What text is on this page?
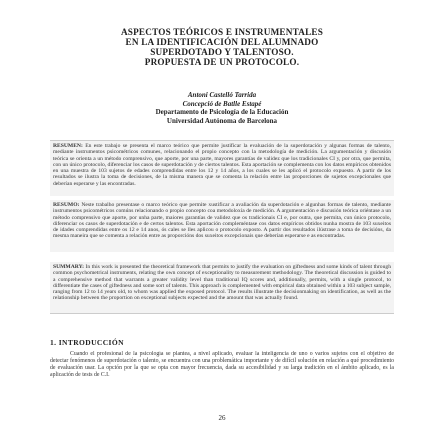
ASPECTOS TEÓRICOS E INSTRUMENTALES
EN LA IDENTIFICACIÓN DEL ALUMNADO
SUPERDOTADO Y TALENTOSO.
PROPUESTA DE UN PROTOCOLO.
Antoni Castelló Tarrida
Concepció de Batlle Estapé
Departamento de Psicología de la Educación
Universidad Autónoma de Barcelona
RESUMEN: En este trabajo se presenta el marco teórico que permite justificar la evaluación de la superdotación y algunas formas de talento, mediante instrumentos psicométricos comunes, relacionando el propio concepto con la metodología de medición. La argumentación y discusión teórica se orienta a un método comprensivo, que aporte, por una parte, mayores garantías de validez que los tradicionales CI y, por otra, que permita, con un único protocolo, diferenciar los casos de superdotación y de ciertos talentos. Esta aportación se complementa con los datos empíricos obtenidos en una muestra de 103 sujetos de edades comprendidas entre los 12 y 14 años, a los cuales se les aplicó el protocolo expuesto. A partir de los resultados se ilustra la toma de decisiones, de la misma manera que se comenta la relación entre las proporciones de sujetos excepcionales que deberían esperarse y las encontradas.
RESUMO: Neste trabalho presentase o marco teórico que permite xustificar a avaliación da superdotación e algunhas formas de talento, mediante instrumentos psicométricos comúns relacionando o propio concepto coa metodoloxía de medición. A argumentación e discusión teórica oriéntase a un método comprensivo que aporte, por unha parte, maiores garantías de validez que os tradicionais CI e, por outra, que permita, cun único protocolo, diferenciar os casos de superdotación e de certos talentos. Esta aportación compleméntase cos datos empíricos obtidos nunha mostra de 103 suxeitos de idades comprendidas entre os 12 e 14 anos, ós cales se lles aplicou o protocolo exposto. A partir dos resultados ilústrase a toma de decisións, da mesma maneira que se comenta a relación entre as proporcións dos suxeitos excepcionais que deberían esperarse e as encontradas.
SUMMARY: In this work is presented the theoretical framework that permits to justify the evaluation on giftedness and some kinds of talent through common psychometrical instruments, relating the own concept of exceptionality to measurement methodology. The theoretical discussion is guided to a comprehensive method that warrants a greater validity level than traditional IQ scores and, additionally, permits, with a single protocol, to differentiate the cases of giftedness and some sort of talents. This approach is complemented with empirical data obtained within a 103 subject sample, ranging from 12 to 14 years old, to whom was applied the exposed protocol. The results illustrate the decisionmaking on identification, as well as the relationship between the proportion on exceptional subjects expected and the amount that was actually found.
1. INTRODUCCIÓN
Cuando el profesional de la psicología se plantea, a nivel aplicado, evaluar la inteligencia de uno o varios sujetos con el objetivo de detectar fenómenos de superdotación o talento, se encuentra con una problemática importante y de difícil solución en relación a qué procedimiento de evaluación usar. La opción por la que se opta con mayor frecuencia, dada su accesibilidad y su larga tradición en el ámbito aplicado, es la aplicación de tests de C.I.
26
